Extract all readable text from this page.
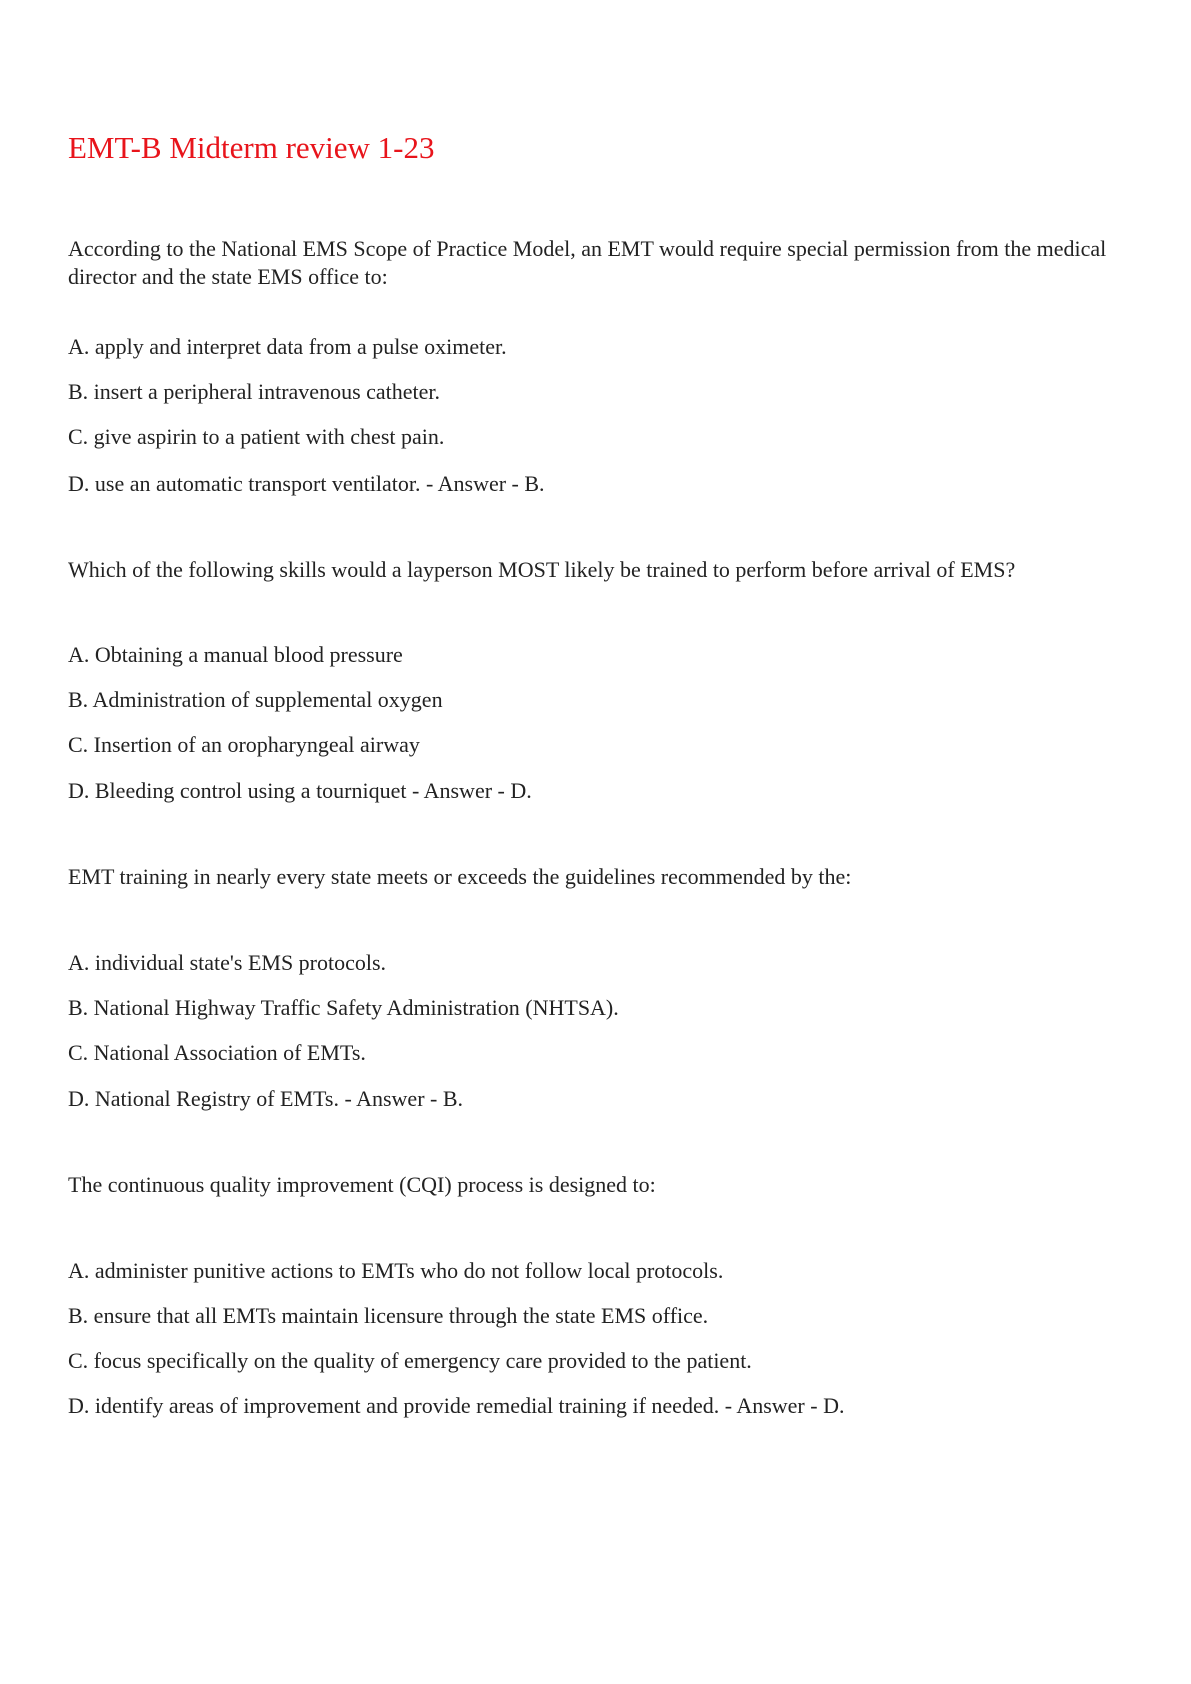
EMT-B Midterm review 1-23

According to the National EMS Scope of Practice Model, an EMT would require special permission from the medical director and the state EMS office to:

A. apply and interpret data from a pulse oximeter.

B. insert a peripheral intravenous catheter.

C. give aspirin to a patient with chest pain.

D. use an automatic transport ventilator. - Answer - B.

Which of the following skills would a layperson MOST likely be trained to perform before arrival of EMS?

A. Obtaining a manual blood pressure

B. Administration of supplemental oxygen

C. Insertion of an oropharyngeal airway

D. Bleeding control using a tourniquet - Answer - D.

EMT training in nearly every state meets or exceeds the guidelines recommended by the:

A. individual state's EMS protocols.

B. National Highway Traffic Safety Administration (NHTSA).

C. National Association of EMTs.

D. National Registry of EMTs. - Answer - B.

The continuous quality improvement (CQI) process is designed to:

A. administer punitive actions to EMTs who do not follow local protocols.

B. ensure that all EMTs maintain licensure through the state EMS office.

C. focus specifically on the quality of emergency care provided to the patient.

D. identify areas of improvement and provide remedial training if needed. - Answer - D.
